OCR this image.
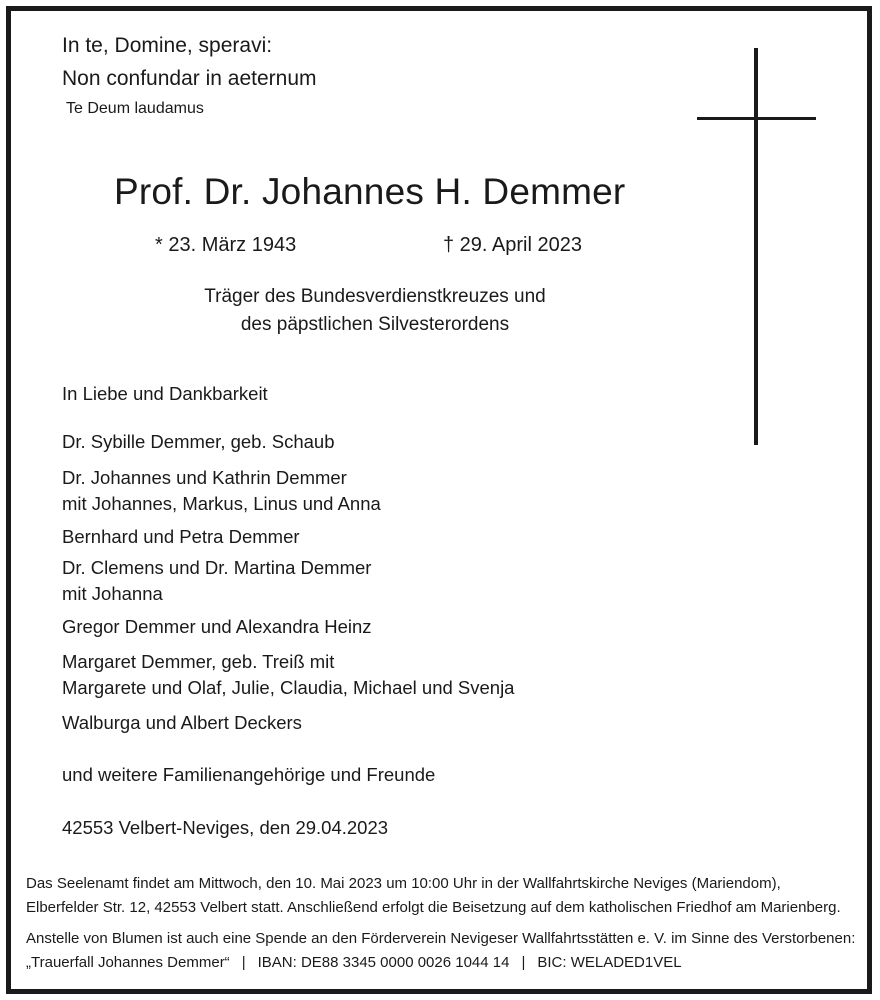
In te, Domine, speravi:
Non confundar in aeternum
Te Deum laudamus
Prof. Dr. Johannes H. Demmer
* 23. März 1943	† 29. April 2023
Träger des Bundesverdienstkreuzes und
des päpstlichen Silvesterordens
In Liebe und Dankbarkeit
Dr. Sybille Demmer, geb. Schaub
Dr. Johannes und Kathrin Demmer
mit Johannes, Markus, Linus und Anna
Bernhard und Petra Demmer
Dr. Clemens und Dr. Martina Demmer
mit Johanna
Gregor Demmer und Alexandra Heinz
Margaret Demmer, geb. Treiß mit
Margarete und Olaf, Julie, Claudia, Michael und Svenja
Walburga und Albert Deckers
und weitere Familienangehörige und Freunde
42553 Velbert-Neviges, den 29.04.2023
Das Seelenamt findet am Mittwoch, den 10. Mai 2023 um 10:00 Uhr in der Wallfahrtskirche Neviges (Mariendom),
Elberfelder Str. 12, 42553 Velbert statt. Anschließend erfolgt die Beisetzung auf dem katholischen Friedhof am Marienberg.
Anstelle von Blumen ist auch eine Spende an den Förderverein Nevigeser Wallfahrtsstätten e. V. im Sinne des Verstorbenen:
„Trauerfall Johannes Demmer“ | IBAN: DE88 3345 0000 0026 1044 14 | BIC: WELADED1VEL
